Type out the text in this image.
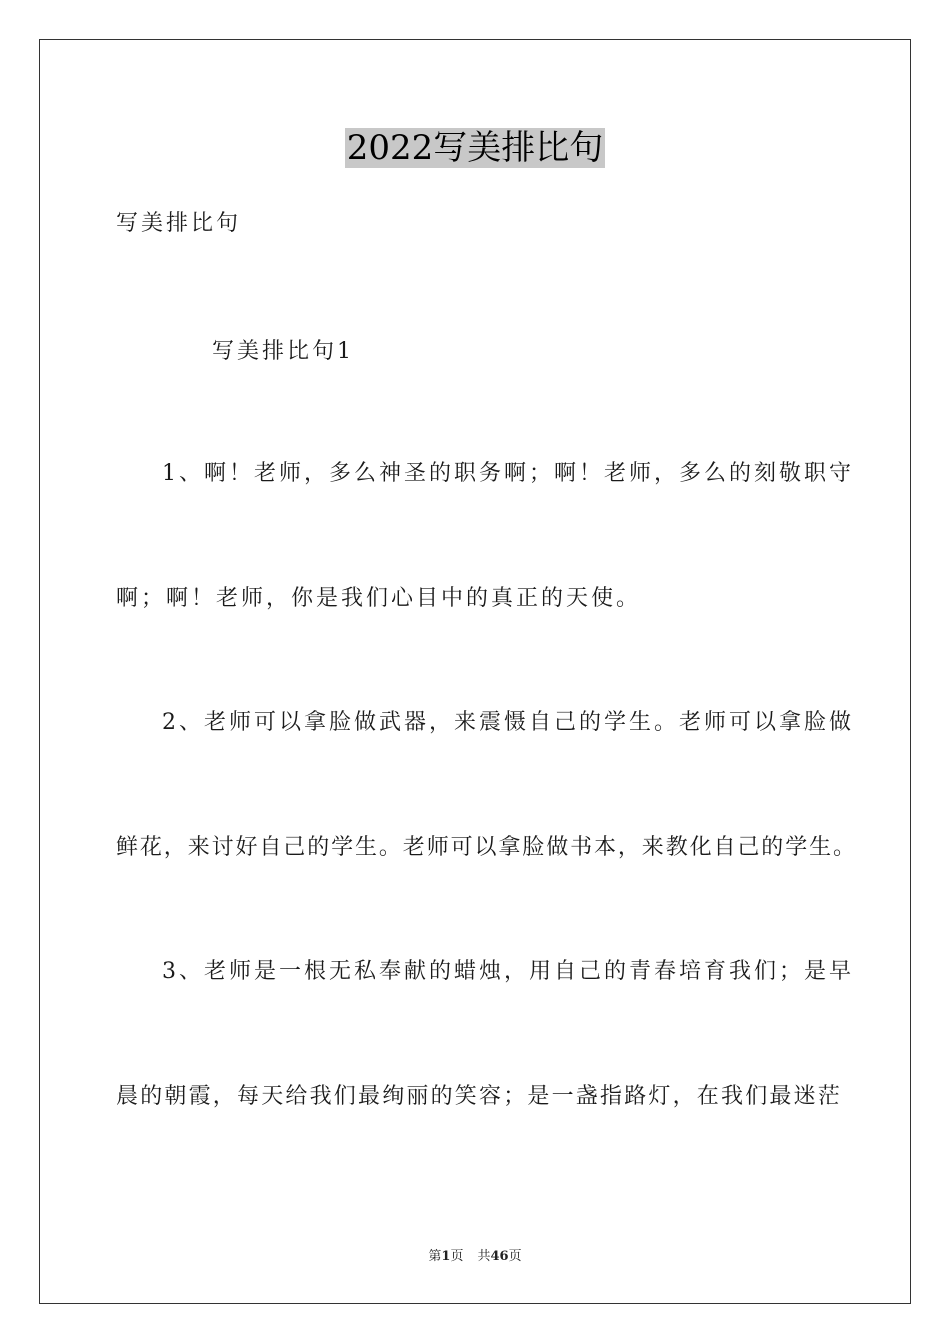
2022写美排比句
写美排比句
写美排比句1
1、啊！老师，多么神圣的职务啊；啊！老师，多么的刻敬职守
啊；啊！老师，你是我们心目中的真正的天使。
2、老师可以拿脸做武器，来震慑自己的学生。老师可以拿脸做
鲜花，来讨好自己的学生。老师可以拿脸做书本，来教化自己的学生。
3、老师是一根无私奉献的蜡烛，用自己的青春培育我们；是早
晨的朝霞，每天给我们最绚丽的笑容；是一盏指路灯，在我们最迷茫
第1页 共46页
